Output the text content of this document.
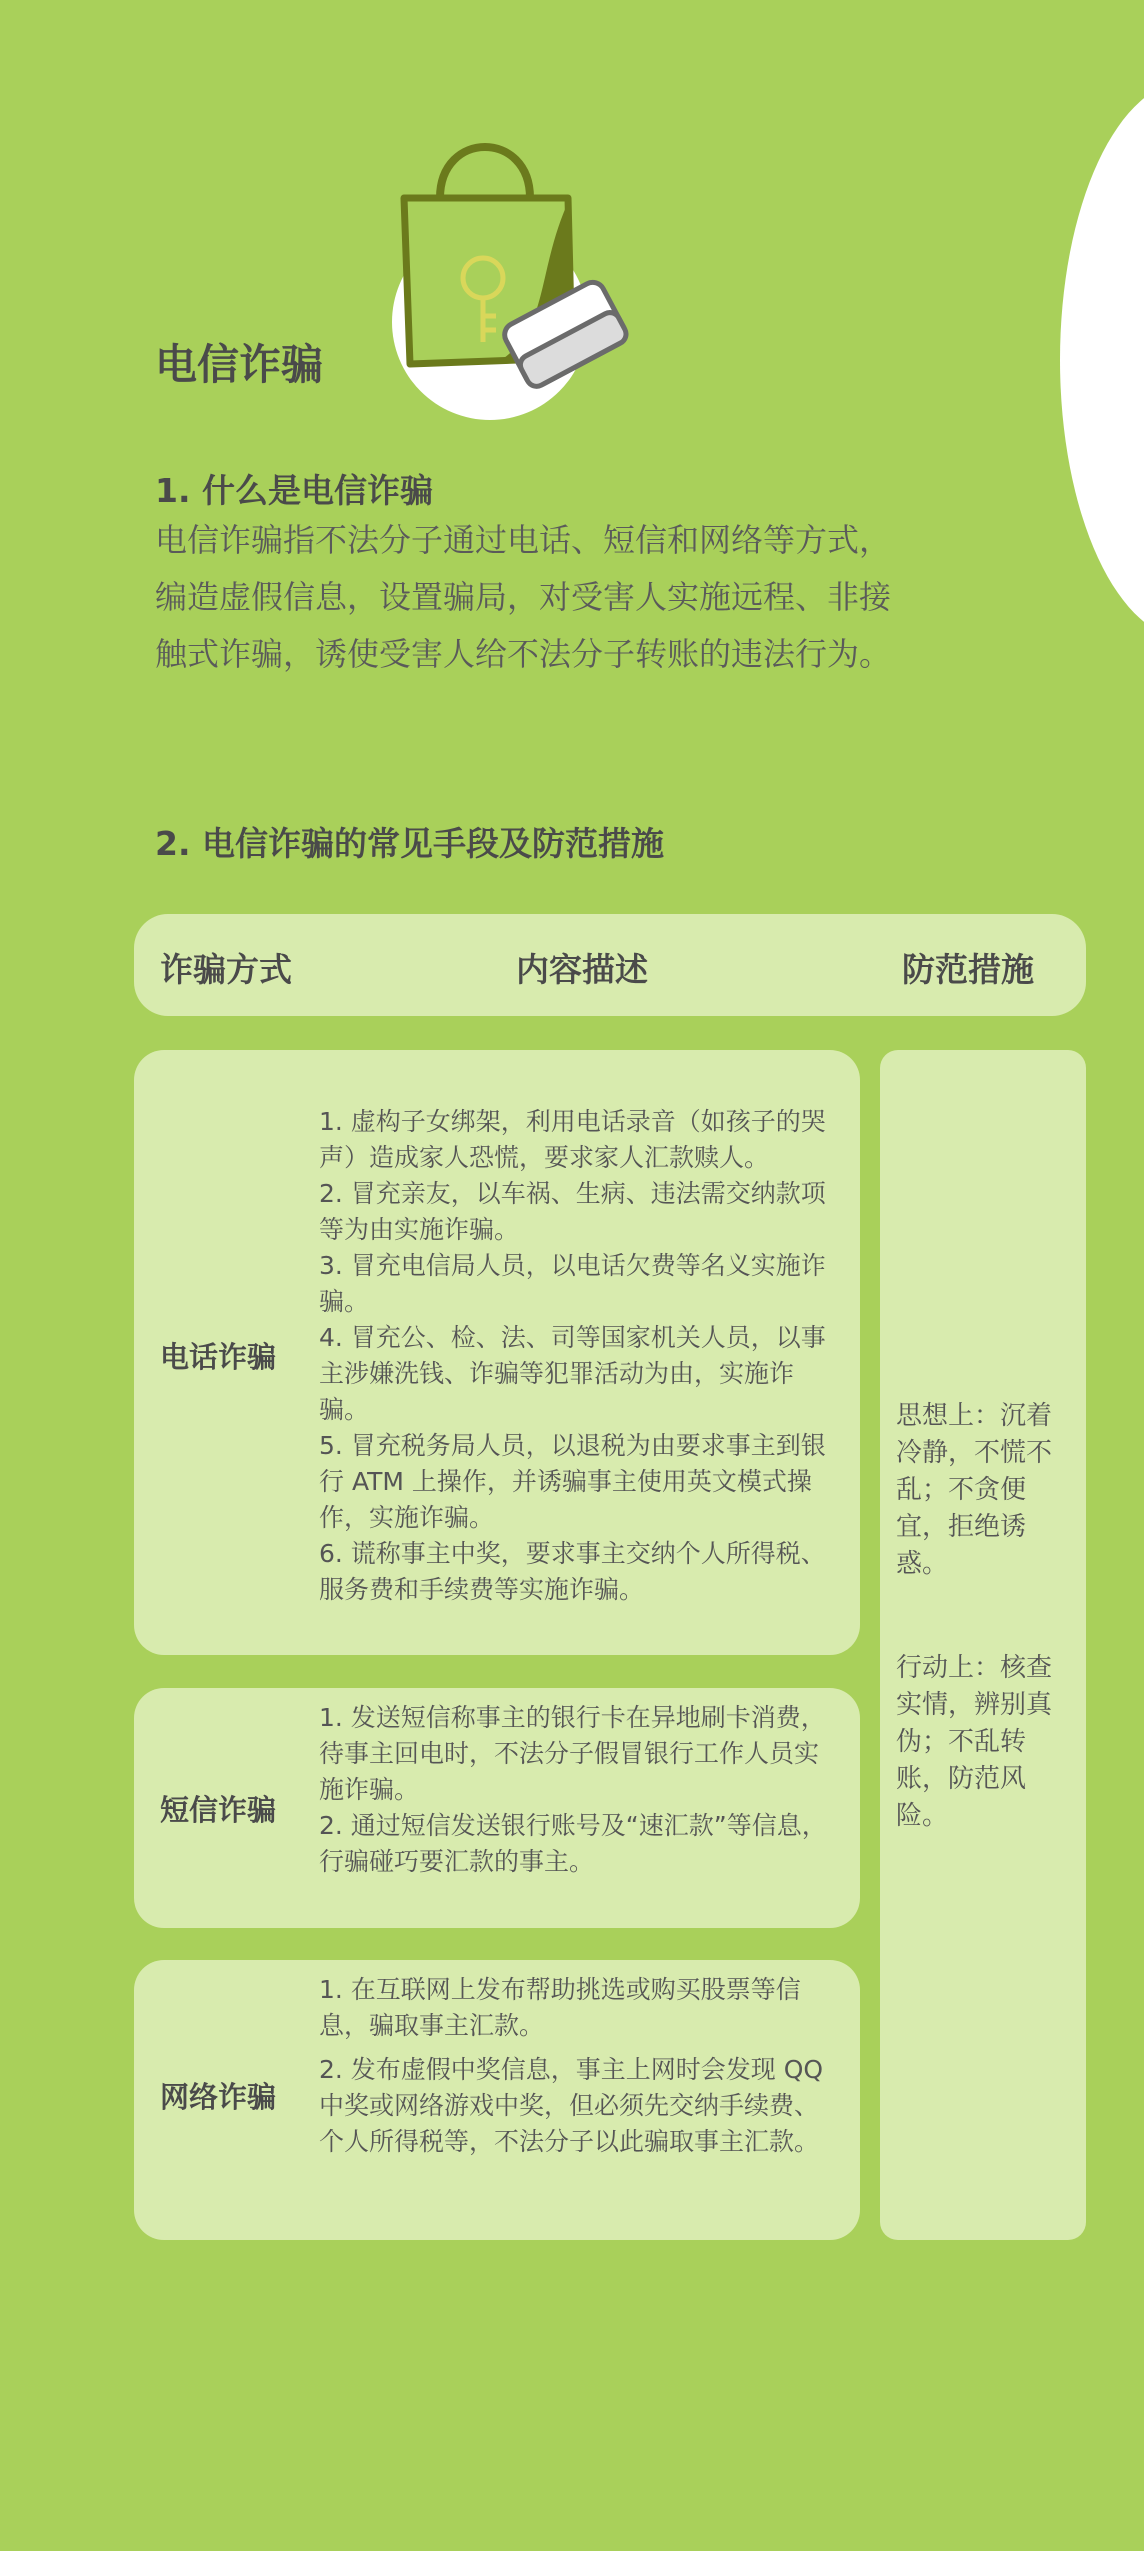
电信诈骗
1. 什么是电信诈骗
电信诈骗指不法分子通过电话、短信和网络等方式，编造虚假信息，设置骗局，对受害人实施远程、非接触式诈骗，诱使受害人给不法分子转账的违法行为。
2. 电信诈骗的常见手段及防范措施
诈骗方式	内容描述	防范措施
电话诈骗

1. 虚构子女绑架，利用电话录音（如孩子的哭声）造成家人恐慌，要求家人汇款赎人。

2. 冒充亲友，以车祸、生病、违法需交纳款项等为由实施诈骗。

3. 冒充电信局人员，以电话欠费等名义实施诈骗。

4. 冒充公、检、法、司等国家机关人员，以事主涉嫌洗钱、诈骗等犯罪活动为由，实施诈骗。

5. 冒充税务局人员，以退税为由要求事主到银行 ATM 上操作，并诱骗事主使用英文模式操作，实施诈骗。

6. 谎称事主中奖，要求事主交纳个人所得税、服务费和手续费等实施诈骗。

短信诈骗

1. 发送短信称事主的银行卡在异地刷卡消费，待事主回电时，不法分子假冒银行工作人员实施诈骗。

2. 通过短信发送银行账号及“速汇款”等信息，行骗碰巧要汇款的事主。

网络诈骗

1. 在互联网上发布帮助挑选或购买股票等信息，骗取事主汇款。

2. 发布虚假中奖信息，事主上网时会发现 QQ 中奖或网络游戏中奖，但必须先交纳手续费、个人所得税等，不法分子以此骗取事主汇款。

思想上：沉着冷静，不慌不乱；不贪便宜，拒绝诱惑。
行动上：核查实情，辨别真伪；不乱转账，防范风险。
